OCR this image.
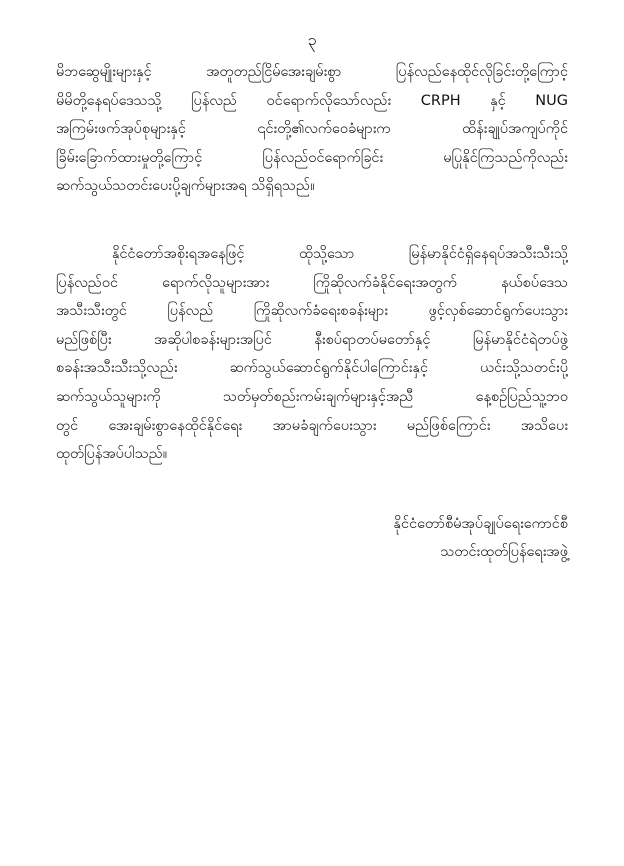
၃
မိဘဆွေမျိုးများနှင့် အတူတည်ငြိမ်အေးချမ်းစွာ ပြန်လည်နေထိုင်လိုခြင်းတို့ကြောင့်
မိမိတို့နေရပ်ဒေသသို့ ပြန်လည် ဝင်ရောက်လိုသော်လည်း CRPH နှင့် NUG
အကြမ်းဖက်အုပ်စုများနှင့် ၎င်းတို့၏လက်ဝေခံများက ထိန်းချုပ်အကျပ်ကိုင်
ခြိမ်းခြောက်ထားမှုတို့ကြောင့် ပြန်လည်ဝင်ရောက်ခြင်း မပြုနိုင်ကြသည်ကိုလည်း
ဆက်သွယ်သတင်းပေးပို့ချက်များအရ သိရှိရသည်။
နိုင်ငံတော်အစိုးရအနေဖြင့် ထိုသို့သော မြန်မာနိုင်ငံရှိနေရပ်အသီးသီးသို့
ပြန်လည်ဝင် ရောက်လိုသူများအား ကြိုဆိုလက်ခံနိုင်ရေးအတွက် နယ်စပ်ဒေသ
အသီးသီးတွင် ပြန်လည် ကြိုဆိုလက်ခံရေးစခန်းများ ဖွင့်လှစ်ဆောင်ရွက်ပေးသွား
မည်ဖြစ်ပြီး အဆိုပါစခန်းများအပြင် နီးစပ်ရာတပ်မတော်နှင့် မြန်မာနိုင်ငံရဲတပ်ဖွဲ့
စခန်းအသီးသီးသို့လည်း ဆက်သွယ်ဆောင်ရွက်နိုင်ပါကြောင်းနှင့် ယင်းသို့သတင်းပို့
ဆက်သွယ်သူများကို သတ်မှတ်စည်းကမ်းချက်များနှင့်အညီ နေ့စဉ်ပြည်သူ့ဘဝ
တွင် အေးချမ်းစွာနေထိုင်နိုင်ရေး အာမခံချက်ပေးသွား မည်ဖြစ်ကြောင်း အသိပေး
ထုတ်ပြန်အပ်ပါသည်။
နိုင်ငံတော်စီမံအုပ်ချုပ်ရေးကောင်စီ
သတင်းထုတ်ပြန်ရေးအဖွဲ့
